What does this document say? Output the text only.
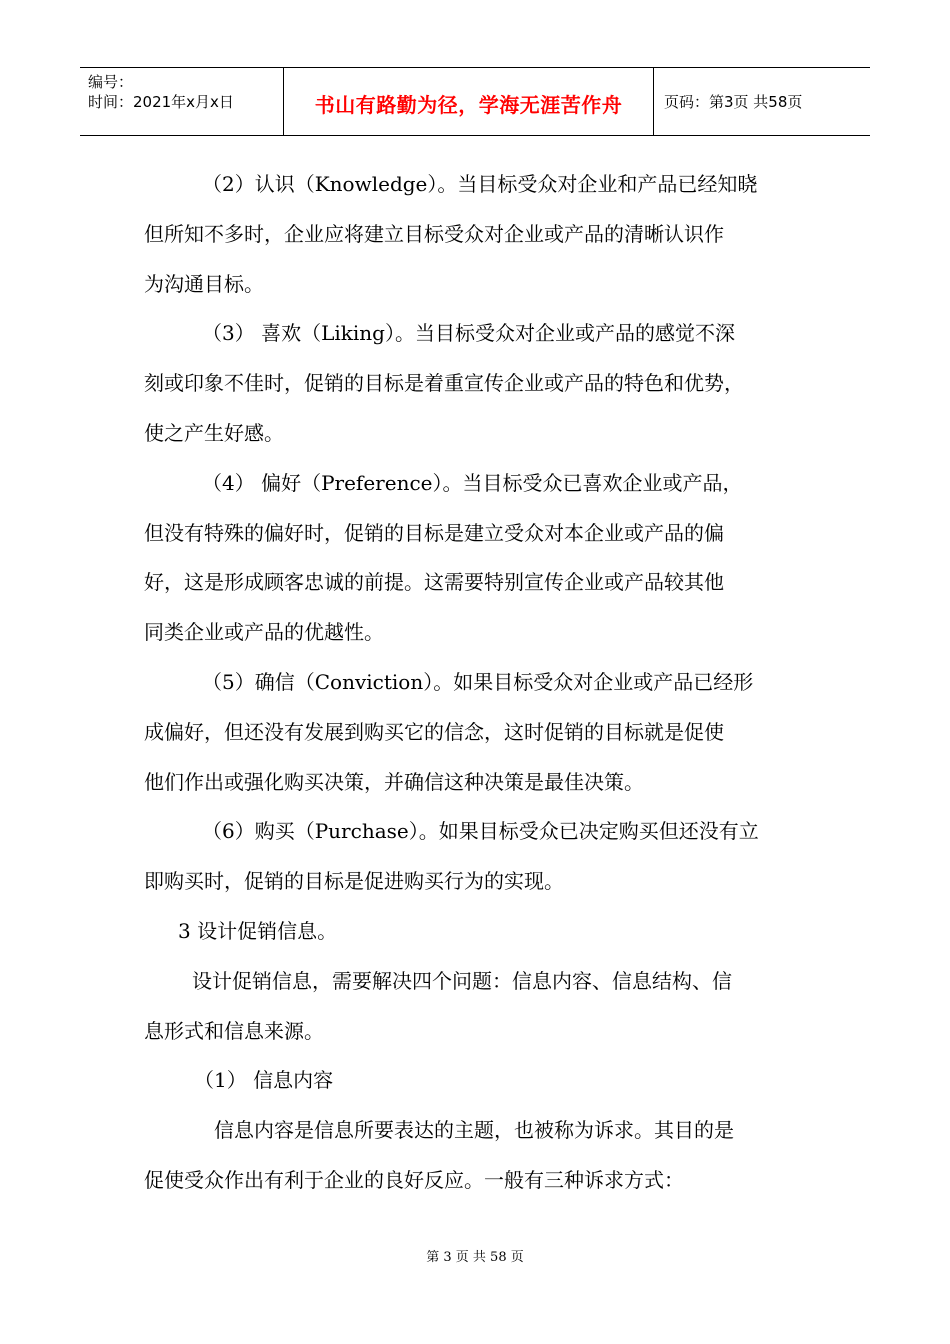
编号：
时间：2021年x月x日	书山有路勤为径，学海无涯苦作舟	页码：第3页 共58页

（2）认识（Knowledge）。当目标受众对企业和产品已经知晓

但所知不多时，企业应将建立目标受众对企业或产品的清晰认识作

为沟通目标。

（3） 喜欢（Liking）。当目标受众对企业或产品的感觉不深

刻或印象不佳时，促销的目标是着重宣传企业或产品的特色和优势，

使之产生好感。

（4） 偏好（Preference）。当目标受众已喜欢企业或产品，

但没有特殊的偏好时，促销的目标是建立受众对本企业或产品的偏

好，这是形成顾客忠诚的前提。这需要特别宣传企业或产品较其他

同类企业或产品的优越性。

（5）确信（Conviction）。如果目标受众对企业或产品已经形

成偏好，但还没有发展到购买它的信念，这时促销的目标就是促使

他们作出或强化购买决策，并确信这种决策是最佳决策。

（6）购买（Purchase）。如果目标受众已决定购买但还没有立

即购买时，促销的目标是促进购买行为的实现。

3 设计促销信息。

设计促销信息，需要解决四个问题：信息内容、信息结构、信

息形式和信息来源。

（1） 信息内容

信息内容是信息所要表达的主题，也被称为诉求。其目的是

促使受众作出有利于企业的良好反应。一般有三种诉求方式：

第 3 页 共 58 页
